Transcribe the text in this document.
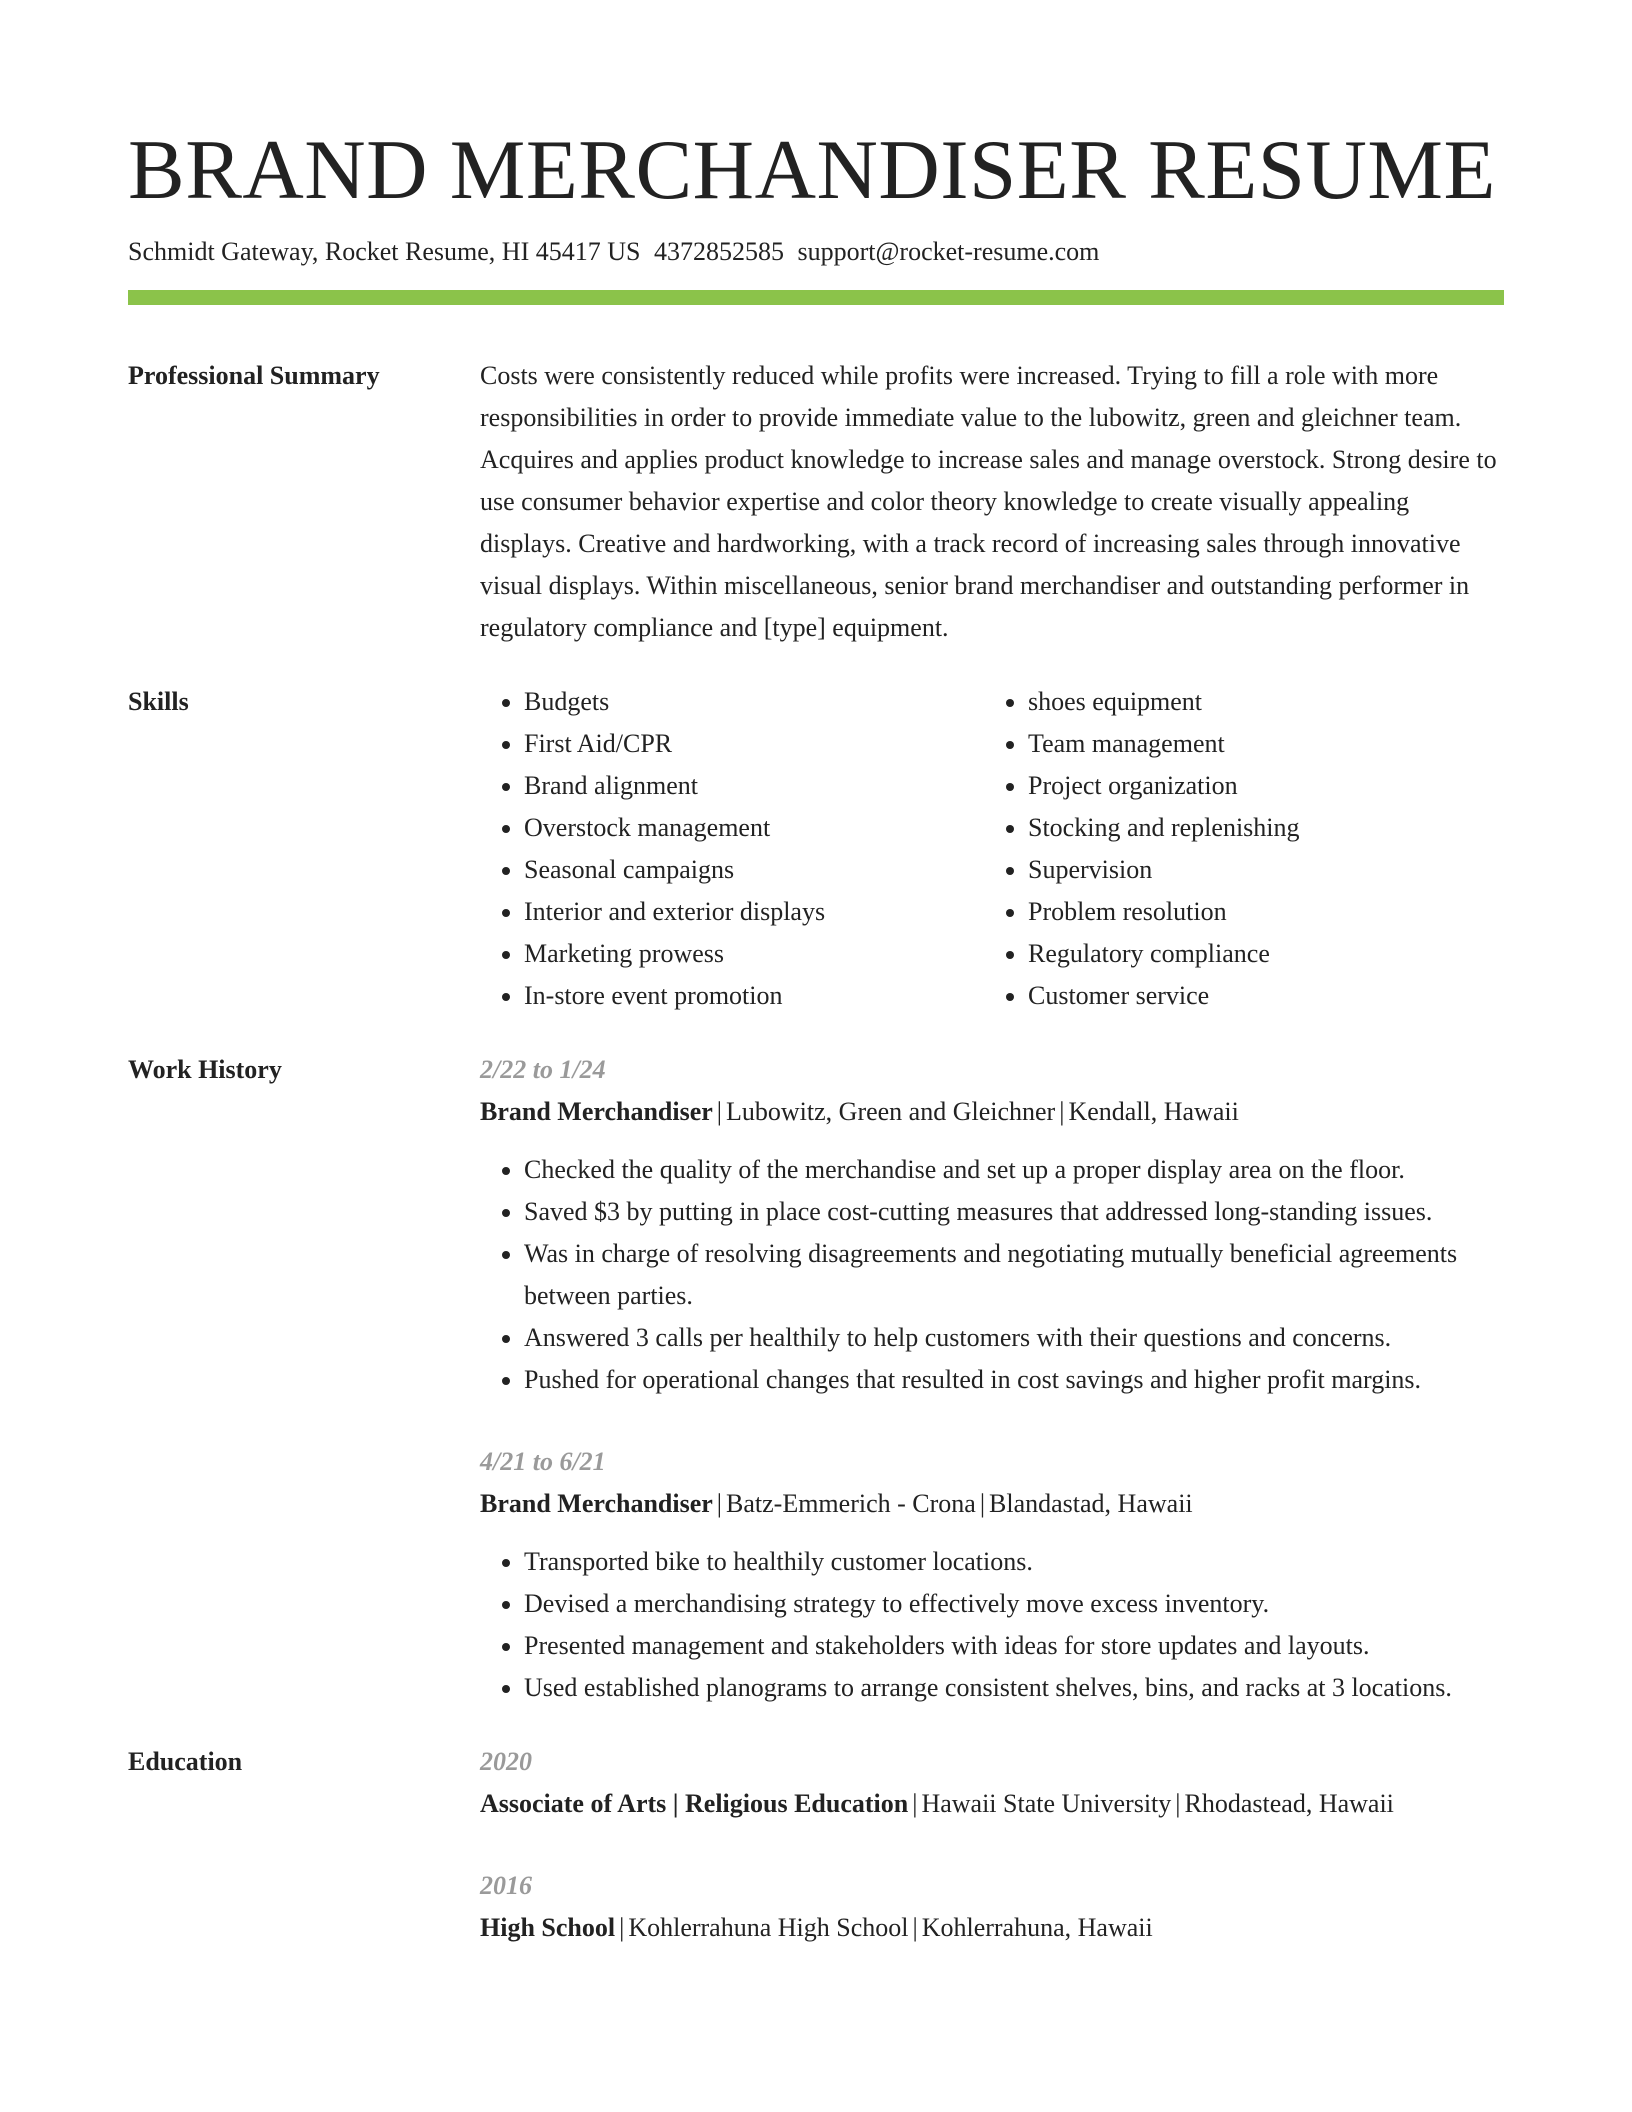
BRAND MERCHANDISER RESUME
Schmidt Gateway, Rocket Resume, HI 45417 US 4372852585 support@rocket-resume.com
Professional Summary	Costs were consistently reduced while profits were increased. Trying to fill a role with more responsibilities in order to provide immediate value to the lubowitz, green and gleichner team. Acquires and applies product knowledge to increase sales and manage overstock. Strong desire to use consumer behavior expertise and color theory knowledge to create visually appealing displays. Creative and hardworking, with a track record of increasing sales through innovative visual displays. Within miscellaneous, senior brand merchandiser and outstanding performer in regulatory compliance and [type] equipment.

Skills
•	Budgets
• First Aid/CPR
• Brand alignment
• Overstock management
• Seasonal campaigns
• Interior and exterior displays
• Marketing prowess
• In-store event promotion
• shoes equipment
• Team management
• Project organization
• Stocking and replenishing
• Supervision
• Problem resolution
• Regulatory compliance
• Customer service
Work History	2/22 to 1/24
Brand Merchandiser | Lubowitz, Green and Gleichner | Kendall, Hawaii
• Checked the quality of the merchandise and set up a proper display area on the floor.
• Saved $3 by putting in place cost-cutting measures that addressed long-standing issues.
• Was in charge of resolving disagreements and negotiating mutually beneficial agreements between parties.
• Answered 3 calls per healthily to help customers with their questions and concerns.
• Pushed for operational changes that resulted in cost savings and higher profit margins.
4/21 to 6/21
Brand Merchandiser | Batz-Emmerich - Crona | Blandastad, Hawaii
• Transported bike to healthily customer locations.
• Devised a merchandising strategy to effectively move excess inventory.
• Presented management and stakeholders with ideas for store updates and layouts.
• Used established planograms to arrange consistent shelves, bins, and racks at 3 locations.
Education	2020
Associate of Arts | Religious Education | Hawaii State University | Rhodastead, Hawaii
2016
High School | Kohlerrahuna High School | Kohlerrahuna, Hawaii
